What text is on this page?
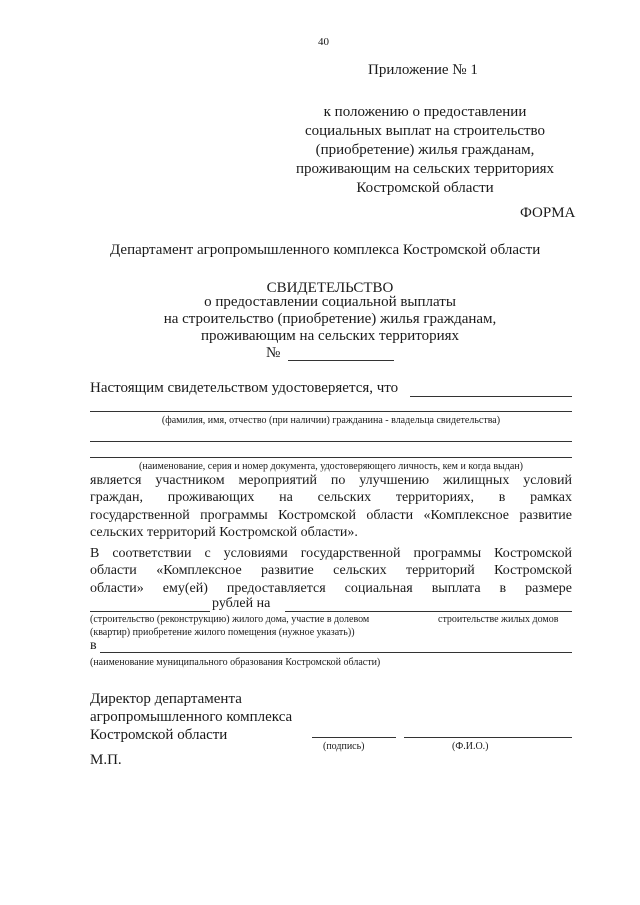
40
Приложение № 1
к положению о предоставлении
социальных выплат на строительство
(приобретение) жилья гражданам,
проживающим на сельских территориях
Костромской области
ФОРМА
Департамент агропромышленного комплекса Костромской области
СВИДЕТЕЛЬСТВО
о предоставлении социальной выплаты
на строительство (приобретение) жилья гражданам,
проживающим на сельских территориях
№
Настоящим свидетельством удостоверяется, что
(фамилия, имя, отчество (при наличии) гражданина - владельца свидетельства)
(наименование, серия и номер документа, удостоверяющего личность, кем и когда выдан)
является участником мероприятий по улучшению жилищных условий
граждан, проживающих на сельских территориях, в рамках
государственной программы Костромской области «Комплексное развитие
сельских территорий Костромской области».
В соответствии с условиями государственной программы Костромской
области «Комплексное развитие сельских территорий Костромской
области» ему(ей) предоставляется социальная выплата в размере
рублей на
(строительство (реконструкцию) жилого дома, участие в долевом	строительстве жилых домов
(квартир) приобретение жилого помещения (нужное указать))
в
(наименование муниципального образования Костромской области)
Директор департамента
агропромышленного комплекса
Костромской области
(подпись)	(Ф.И.О.)
М.П.
